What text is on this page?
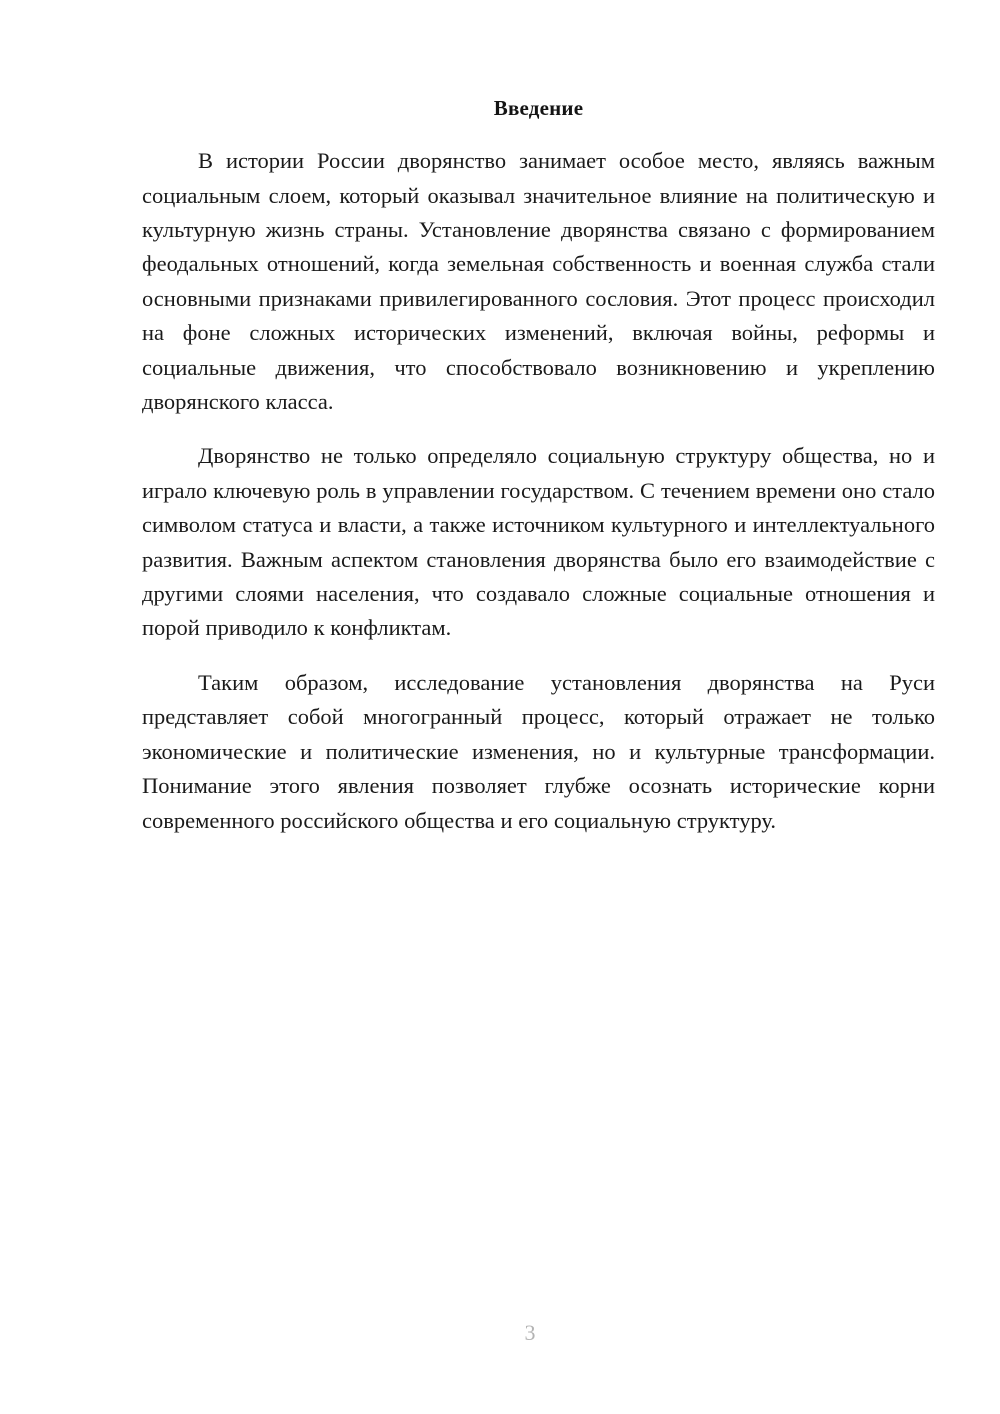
Введение

В истории России дворянство занимает особое место, являясь важным социальным слоем, который оказывал значительное влияние на политическую и культурную жизнь страны. Установление дворянства связано с формированием феодальных отношений, когда земельная собственность и военная служба стали основными признаками привилегированного сословия. Этот процесс происходил на фоне сложных исторических изменений, включая войны, реформы и социальные движения, что способствовало возникновению и укреплению дворянского класса.

Дворянство не только определяло социальную структуру общества, но и играло ключевую роль в управлении государством. С течением времени оно стало символом статуса и власти, а также источником культурного и интеллектуального развития. Важным аспектом становления дворянства было его взаимодействие с другими слоями населения, что создавало сложные социальные отношения и порой приводило к конфликтам.

Таким образом, исследование установления дворянства на Руси представляет собой многогранный процесс, который отражает не только экономические и политические изменения, но и культурные трансформации. Понимание этого явления позволяет глубже осознать исторические корни современного российского общества и его социальную структуру.

3
